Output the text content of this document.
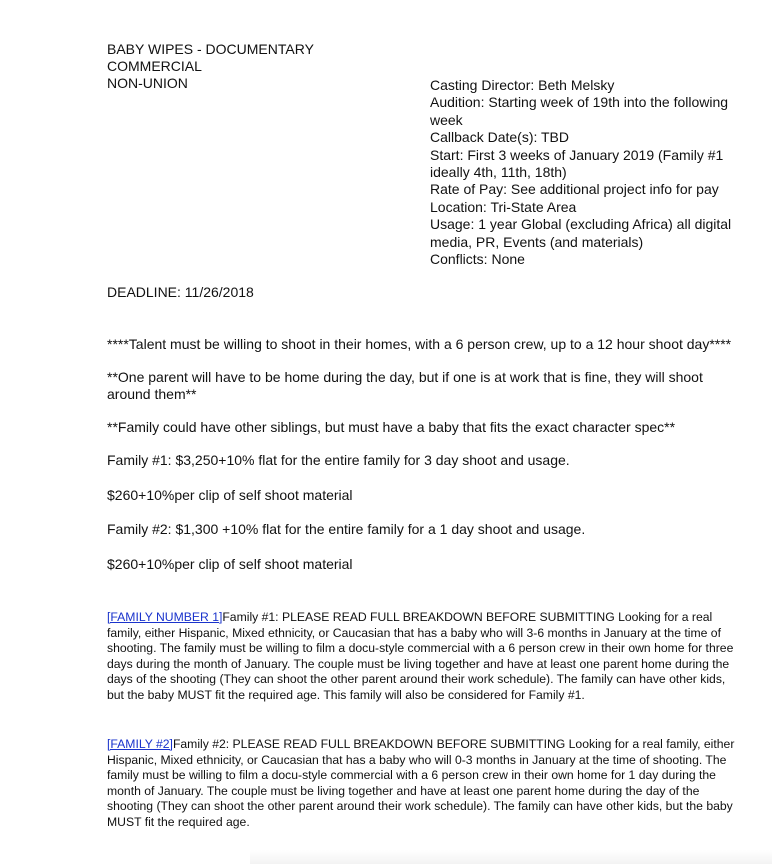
BABY WIPES - DOCUMENTARY
COMMERCIAL
NON-UNION	Casting Director: Beth Melsky
Audition: Starting week of 19th into the following week
Callback Date(s): TBD
Start: First 3 weeks of January 2019 (Family #1 ideally 4th, 11th, 18th)
Rate of Pay: See additional project info for pay
Location: Tri-State Area
Usage: 1 year Global (excluding Africa) all digital media, PR, Events (and materials)
Conflicts: None
DEADLINE: 11/26/2018

****Talent must be willing to shoot in their homes, with a 6 person crew, up to a 12 hour shoot day****

**One parent will have to be home during the day, but if one is at work that is fine, they will shoot around them**

**Family could have other siblings, but must have a baby that fits the exact character spec**

Family #1: $3,250+10% flat for the entire family for 3 day shoot and usage.

$260+10%per clip of self shoot material

Family #2: $1,300 +10% flat for the entire family for a 1 day shoot and usage.

$260+10%per clip of self shoot material

[FAMILY NUMBER 1]Family #1: PLEASE READ FULL BREAKDOWN BEFORE SUBMITTING Looking for a real family, either Hispanic, Mixed ethnicity, or Caucasian that has a baby who will 3-6 months in January at the time of shooting. The family must be willing to film a docu-style commercial with a 6 person crew in their own home for three days during the month of January. The couple must be living together and have at least one parent home during the days of the shooting (They can shoot the other parent around their work schedule). The family can have other kids, but the baby MUST fit the required age. This family will also be considered for Family #1.
[FAMILY #2]Family #2: PLEASE READ FULL BREAKDOWN BEFORE SUBMITTING Looking for a real family, either Hispanic, Mixed ethnicity, or Caucasian that has a baby who will 0-3 months in January at the time of shooting. The family must be willing to film a docu-style commercial with a 6 person crew in their own home for 1 day during the month of January. The couple must be living together and have at least one parent home during the day of the shooting (They can shoot the other parent around their work schedule). The family can have other kids, but the baby MUST fit the required age.
